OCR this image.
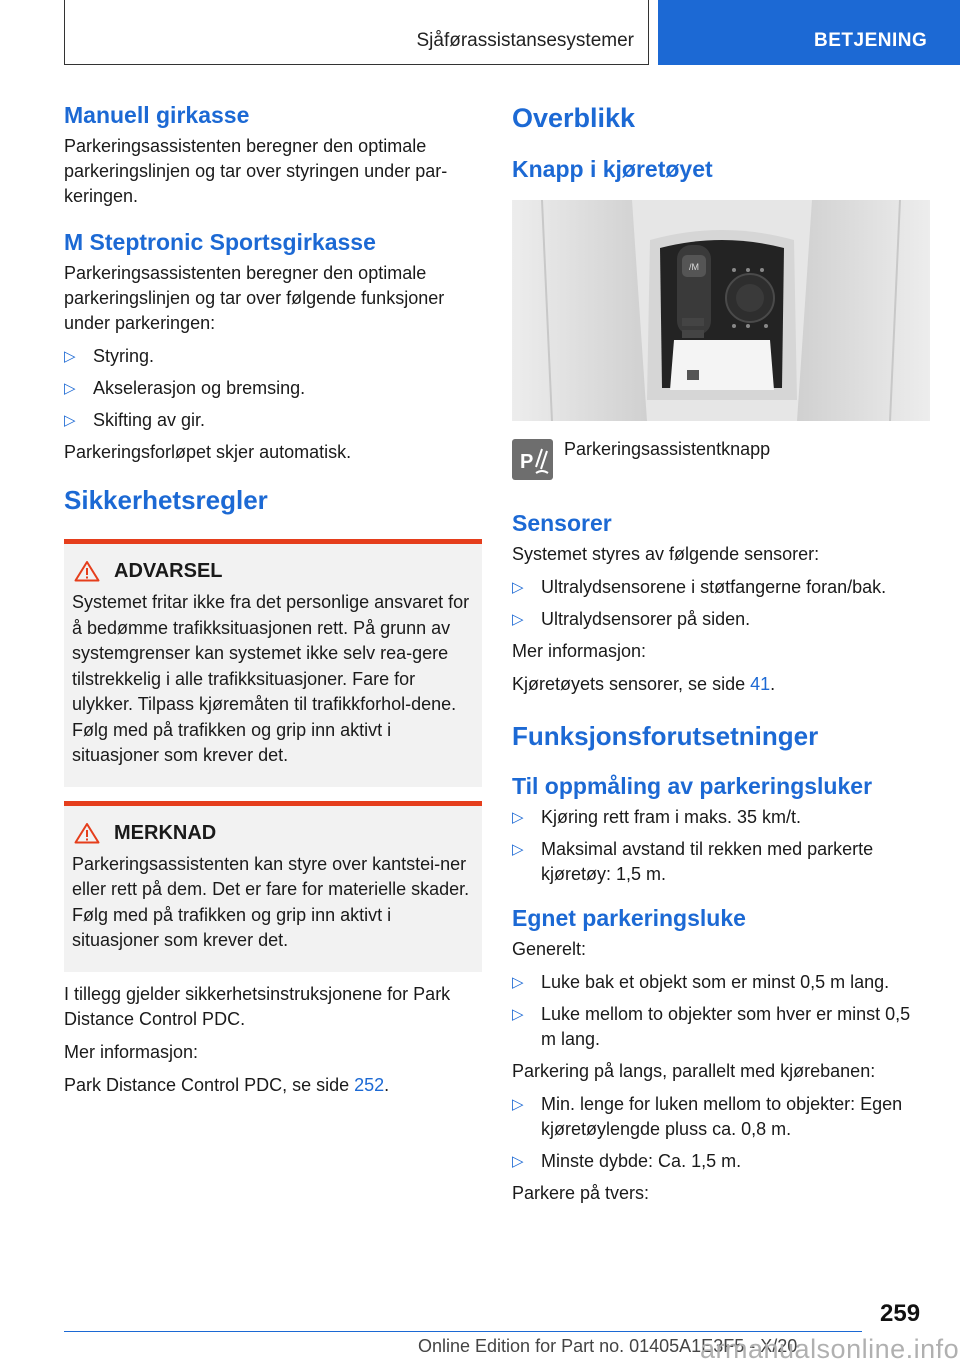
Sjåførassistansesystemer	BETJENING
Manuell girkasse

Parkeringsassistenten beregner den optimale parkeringslinjen og tar over styringen under par-keringen.

M Steptronic Sportsgirkasse

Parkeringsassistenten beregner den optimale parkeringslinjen og tar over følgende funksjoner under parkeringen:

▷ Styring.
▷ Akselerasjon og bremsing.
▷ Skifting av gir.

Parkeringsforløpet skjer automatisk.

Sikkerhetsregler
ADVARSEL

Systemet fritar ikke fra det personlige ansvaret for å bedømme trafikksituasjonen rett. På grunn av systemgrenser kan systemet ikke selv rea-gere tilstrekkelig i alle trafikksituasjoner. Fare for ulykker. Tilpass kjøremåten til trafikkforhol-dene. Følg med på trafikken og grip inn aktivt i situasjoner som krever det.

MERKNAD

Parkeringsassistenten kan styre over kantstei-ner eller rett på dem. Det er fare for materielle skader. Følg med på trafikken og grip inn aktivt i situasjoner som krever det.

I tillegg gjelder sikkerhetsinstruksjonene for Park Distance Control PDC.

Mer informasjon:

Park Distance Control PDC, se side 252.

Overblikk
Knapp i kjøretøyet
/M
P
Parkeringsassistentknapp
Sensorer

Systemet styres av følgende sensorer:

▷ Ultralydsensorene i støtfangerne foran/bak.
▷ Ultralydsensorer på siden.

Mer informasjon:

Kjøretøyets sensorer, se side 41.

Funksjonsforutsetninger
Til oppmåling av parkeringsluker
▷ Kjøring rett fram i maks. 35 km/t.
▷ Maksimal avstand til rekken med parkerte kjøretøy: 1,5 m.
Egnet parkeringsluke

Generelt:

▷ Luke bak et objekt som er minst 0,5 m lang.
▷ Luke mellom to objekter som hver er minst 0,5 m lang.

Parkering på langs, parallelt med kjørebanen:

▷ Min. lenge for luken mellom to objekter: Egen kjøretøylengde pluss ca. 0,8 m.
▷ Minste dybde: Ca. 1,5 m.

Parkere på tvers:

259
Online Edition for Part no. 01405A1E3F5 - X/20
armanualsonline.info
